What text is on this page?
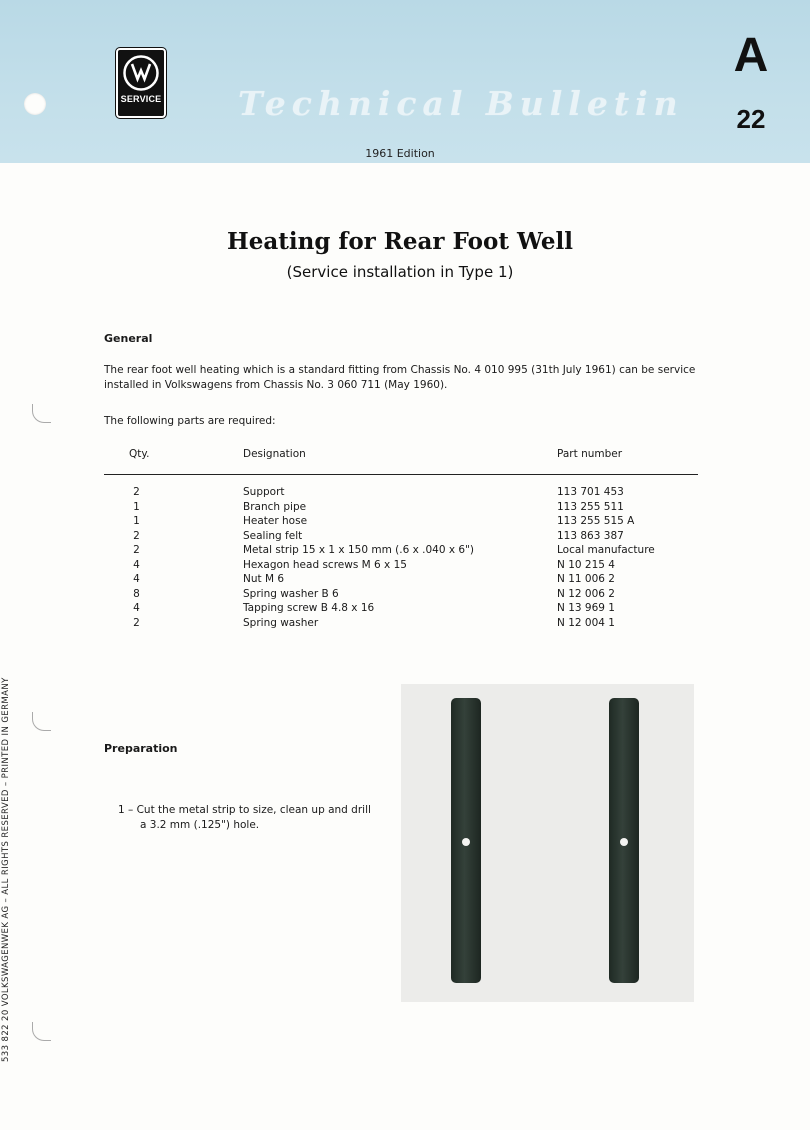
SERVICE Technical Bulletin
A
22
1961 Edition
Heating for Rear Foot Well
(Service installation in Type 1)
General
The rear foot well heating which is a standard fitting from Chassis No. 4 010 995 (31th July 1961) can be service installed in Volkswagens from Chassis No. 3 060 711 (May 1960).
The following parts are required:
Qty.	Designation	Part number
2	Support	113 701 453
1	Branch pipe	113 255 511
1	Heater hose	113 255 515 A
2	Sealing felt	113 863 387
2	Metal strip 15 x 1 x 150 mm (.6 x .040 x 6")	Local manufacture
4	Hexagon head screws M 6 x 15	N 10 215 4
4	Nut M 6	N 11 006 2
8	Spring washer B 6	N 12 006 2
4	Tapping screw B 4.8 x 16	N 13 969 1
2	Spring washer	N 12 004 1
Preparation
1 – Cut the metal strip to size, clean up and drill
a 3.2 mm (.125") hole.
533 822 20 VOLKSWAGENWEK AG – ALL RIGHTS RESERVED – PRINTED IN GERMANY
